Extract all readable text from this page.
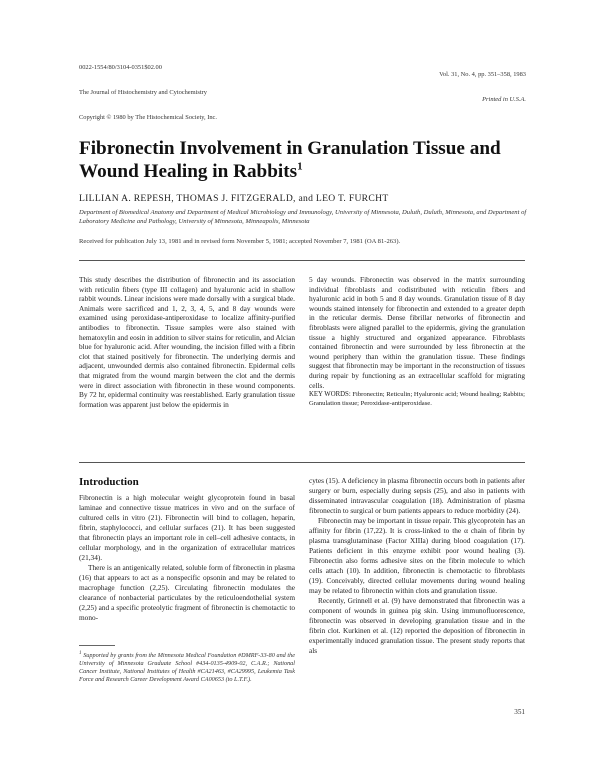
0022-1554/80/3104-0351$02.00

The Journal of Histochemistry and Cytochemistry

Copyright © 1980 by The Histochemical Society, Inc.

Vol. 31, No. 4, pp. 351–358, 1983

Printed in U.S.A.

Fibronectin Involvement in Granulation Tissue and Wound Healing in Rabbits$^1$
LILLIAN A. REPESH, THOMAS J. FITZGERALD, and LEO T. FURCHT
Department of Biomedical Anatomy and Department of Medical Microbiology and Immunology, University of Minnesota, Duluth, Duluth, Minnesota, and Department of Laboratory Medicine and Pathology, University of Minnesota, Minneapolis, Minnesota
Received for publication July 13, 1981 and in revised form November 5, 1981; accepted November 7, 1981 (OA 81-263).
This study describes the distribution of fibronectin and its association with reticulin fibers (type III collagen) and hyaluronic acid in shallow rabbit wounds. Linear incisions were made dorsally with a surgical blade. Animals were sacrificed and 1, 2, 3, 4, 5, and 8 day wounds were examined using peroxidase-antiperoxidase to localize affinity-purified antibodies to fibronectin. Tissue samples were also stained with hematoxylin and eosin in addition to silver stains for reticulin, and Alcian blue for hyaluronic acid. After wounding, the incision filled with a fibrin clot that stained positively for fibronectin. The underlying dermis and adjacent, unwounded dermis also contained fibronectin. Epidermal cells that migrated from the wound margin between the clot and the dermis were in direct association with fibronectin in these wound components. By 72 hr, epidermal continuity was reestablished. Early granulation tissue formation was apparent just below the epidermis in
5 day wounds. Fibronectin was observed in the matrix surrounding individual fibroblasts and codistributed with reticulin fibers and hyaluronic acid in both 5 and 8 day wounds. Granulation tissue of 8 day wounds stained intensely for fibronectin and extended to a greater depth in the reticular dermis. Dense fibrillar networks of fibronectin and fibroblasts were aligned parallel to the epidermis, giving the granulation tissue a highly structured and organized appearance. Fibroblasts contained fibronectin and were surrounded by less fibronectin at the wound periphery than within the granulation tissue. These findings suggest that fibronectin may be important in the reconstruction of tissues during repair by functioning as an extracellular scaffold for migrating cells.
KEY WORDS: Fibronectin; Reticulin; Hyaluronic acid; Wound healing; Rabbits; Granulation tissue; Peroxidase-antiperoxidase.
Introduction

Fibronectin is a high molecular weight glycoprotein found in basal laminae and connective tissue matrices in vivo and on the surface of cultured cells in vitro (21). Fibronectin will bind to collagen, heparin, fibrin, staphylococci, and cellular surfaces (21). It has been suggested that fibronectin plays an important role in cell–cell adhesive contacts, in cellular morphology, and in the organization of extracellular matrices (21,34).

There is an antigenically related, soluble form of fibronectin in plasma (16) that appears to act as a nonspecific opsonin and may be related to macrophage function (2,25). Circulating fibronectin modulates the clearance of nonbacterial particulates by the reticuloendothelial system (2,25) and a specific proteolytic fragment of fibronectin is chemotactic to mono-

cytes (15). A deficiency in plasma fibronectin occurs both in patients after surgery or burn, especially during sepsis (25), and also in patients with disseminated intravascular coagulation (18). Administration of plasma fibronectin to surgical or burn patients appears to reduce morbidity (24).

Fibronectin may be important in tissue repair. This glycoprotein has an affinity for fibrin (17,22). It is cross-linked to the α chain of fibrin by plasma transglutaminase (Factor XIIIa) during blood coagulation (17). Patients deficient in this enzyme exhibit poor wound healing (3). Fibronectin also forms adhesive sites on the fibrin molecule to which cells attach (10). In addition, fibronectin is chemotactic to fibroblasts (19). Conceivably, directed cellular movements during wound healing may be related to fibronectin within clots and granulation tissue.

Recently, Grinnell et al. (9) have demonstrated that fibronectin was a component of wounds in guinea pig skin. Using immunofluorescence, fibronectin was observed in developing granulation tissue and in the fibrin clot. Kurkinen et al. (12) reported the deposition of fibronectin in experimentally induced granulation tissue. The present study reports that als

$^1$ Supported by grants from the Minnesota Medical Foundation #DMRF-33-80 and the University of Minnesota Graduate School #434-0135-4909-02, C.A.R.; National Cancer Institute, National Institutes of Health #CA21463, #CA29995, Leukemia Task Force and Research Career Development Award CA00653 (to L.T.F.).
351
